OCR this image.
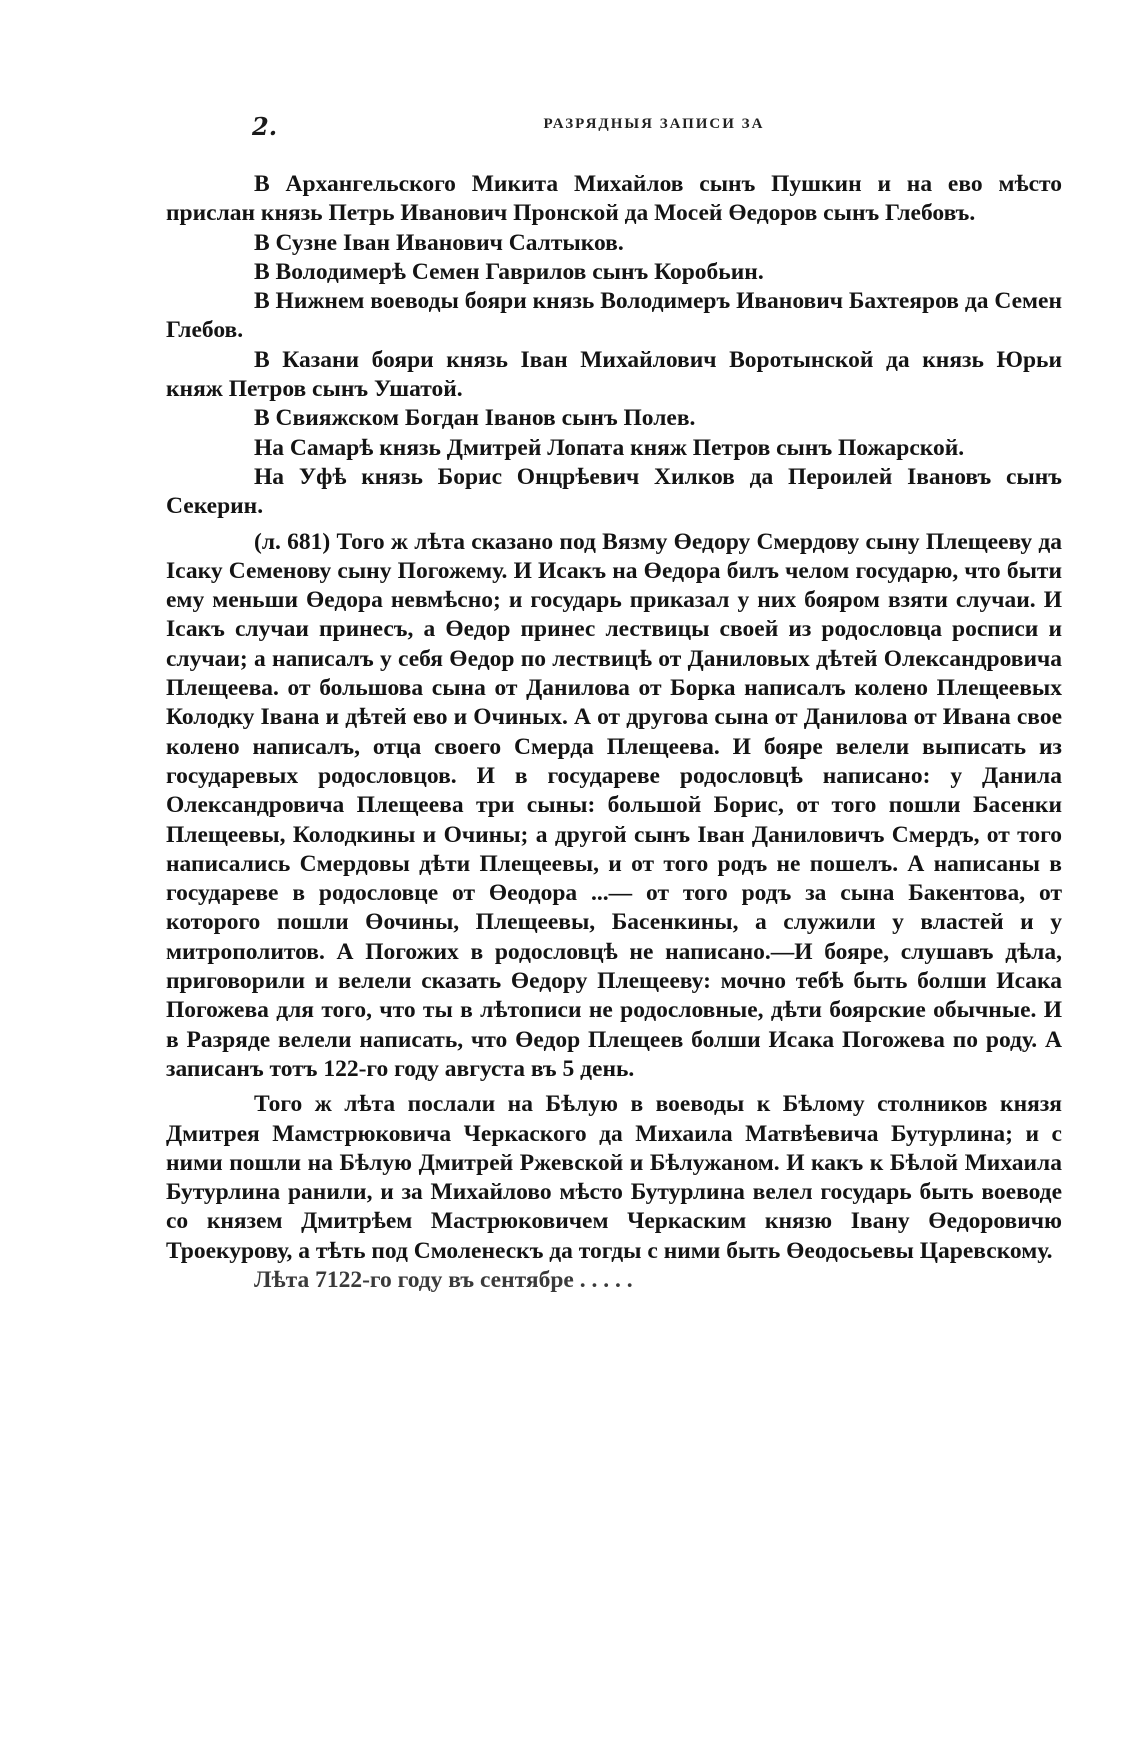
2.	РАЗРЯДНЫЯ ЗАПИСИ ЗА

В Архангельского Микита Михайлов сынъ Пушкин и на ево мѣсто прислан князь Петрь Иванович Пронской да Мосей Өедоров сынъ Глебовъ.

В Сузне Іван Иванович Салтыков.

В Володимерѣ Семен Гаврилов сынъ Коробьин.

В Нижнем воеводы бояри князь Володимеръ Иванович Бахтеяров да Семен Глебов.

В Казани бояри князь Іван Михайлович Воротынской да князь Юрьи княж Петров сынъ Ушатой.

В Свияжском Богдан Іванов сынъ Полев.

На Самарѣ князь Дмитрей Лопата княж Петров сынъ Пожарской.

На Уфѣ князь Борис Онцрѣевич Хилков да Пероилей Івановъ сынъ Секерин.

(л. 681) Того ж лѣта сказано под Вязму Өедору Смердову сыну Плещееву да Ісаку Семенову сыну Погожему. И Исакъ на Өедора билъ челом государю, что быти ему меньши Өедора невмѣсно; и государь приказал у них бояром взяти случаи. И Ісакъ случаи принесъ, а Өедор принес лествицы своей из родословца росписи и случаи; а написалъ у себя Өедор по лествицѣ от Даниловых дѣтей Олександровича Плещеева. от большова сына от Данилова от Борка написалъ колено Плещеевых Колодку Івана и дѣтей ево и Очиных. А от другова сына от Данилова от Ивана свое колено написалъ, отца своего Смерда Плещеева. И бояре велели выписать из государевых родословцов. И в государеве родословцѣ написано: у Данила Олександровича Плещеева три сыны: большой Борис, от того пошли Басенки Плещеевы, Колодкины и Очины; а другой сынъ Іван Даниловичъ Смердъ, от того написались Смердовы дѣти Плещеевы, и от того родъ не пошелъ. А написаны в государеве в родословце от Өеодора ...— от того родъ за сына Бакентова, от которого пошли Өочины, Плещеевы, Басенкины, а служили у властей и у митрополитов. А Погожих в родословцѣ не написано.—И бояре, слушавъ дѣла, приговорили и велели сказать Өедору Плещееву: мочно тебѣ быть болши Исака Погожева для того, что ты в лѣтописи не родословные, дѣти боярские обычные. И в Разряде велели написать, что Өедор Плещеев болши Исака Погожева по роду. А записанъ тотъ 122-го году августа въ 5 день.

Того ж лѣта послали на Бѣлую в воеводы к Бѣлому столников князя Дмитрея Мамстрюковича Черкаского да Михаила Матвѣевича Бутурлина; и с ними пошли на Бѣлую Дмитрей Ржевской и Бѣлужаном. И какъ к Бѣлой Михаила Бутурлина ранили, и за Михайлово мѣсто Бутурлина велел государь быть воеводе со князем Дмитрѣем Мастрюковичем Черкаским князю Івану Өедоровичю Троекурову, а тѣть под Смоленескъ да тогды с ними быть Өеодосьевы Царевскому.

Лѣта 7122-го году въ сентябре . . . . .
